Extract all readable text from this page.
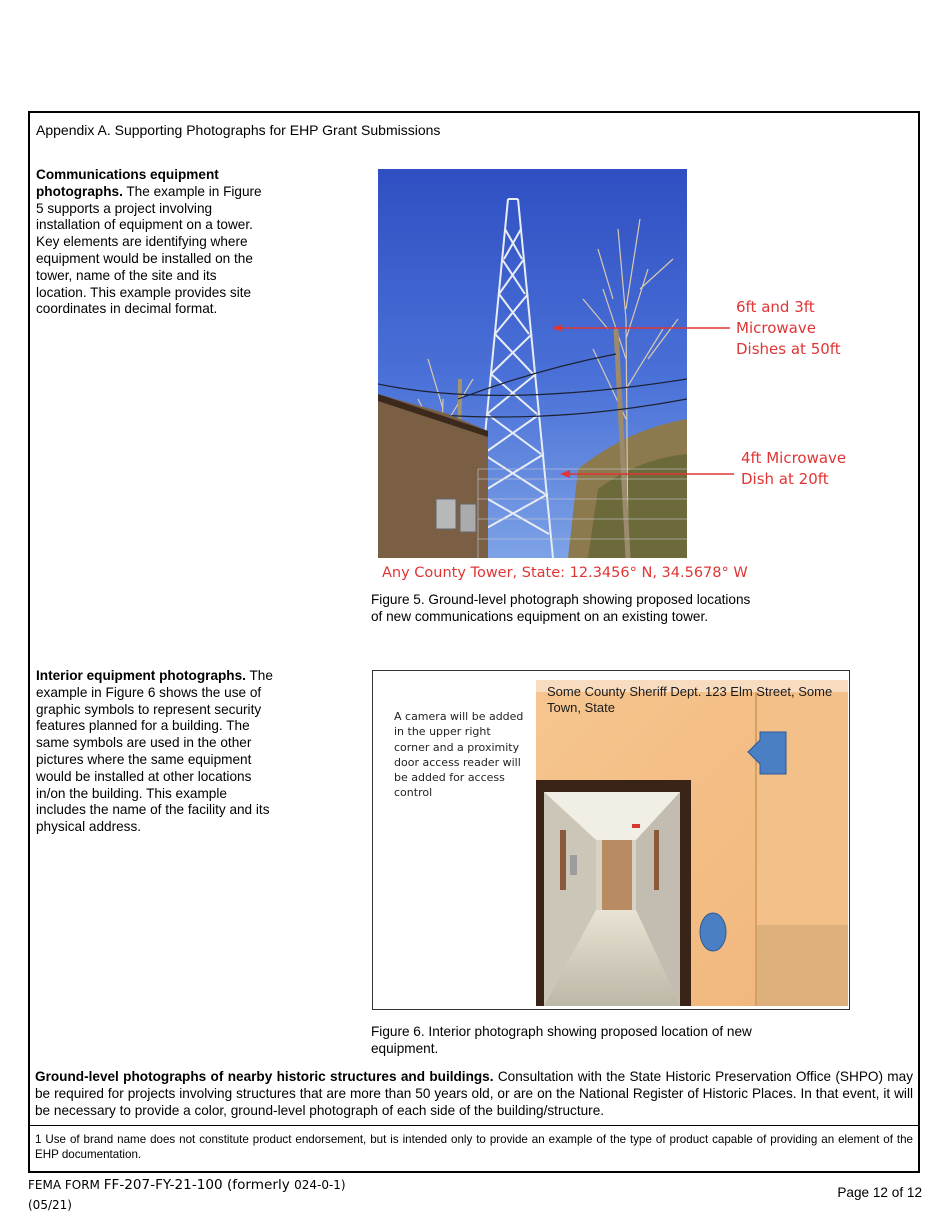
Appendix A. Supporting Photographs for EHP Grant Submissions
Communications equipment photographs. The example in Figure 5 supports a project involving installation of equipment on a tower. Key elements are identifying where equipment would be installed on the tower, name of the site and its location. This example provides site coordinates in decimal format.	6ft and 3ft
Microwave
Dishes at 50ft
4ft Microwave
Dish at 20ft
Any County Tower, State: 12.3456° N, 34.5678° W
Figure 5. Ground-level photograph showing proposed locations of new communications equipment on an existing tower.
Interior equipment photographs. The example in Figure 6 shows the use of graphic symbols to represent security features planned for a building. The same symbols are used in the other pictures where the same equipment would be installed at other locations in/on the building. This example includes the name of the facility and its physical address.
A camera will be added in the upper right corner and a proximity door access reader will be added for access control
Some County Sheriff Dept. 123 Elm Street, Some Town, State
Figure 6. Interior photograph showing proposed location of new equipment.
Ground-level photographs of nearby historic structures and buildings. Consultation with the State Historic Preservation Office (SHPO) may be required for projects involving structures that are more than 50 years old, or are on the National Register of Historic Places. In that event, it will be necessary to provide a color, ground-level photograph of each side of the building/structure.
1 Use of brand name does not constitute product endorsement, but is intended only to provide an example of the type of product capable of providing an element of the EHP documentation.
FEMA FORM FF-207-FY-21-100 (formerly 024-0-1)
(05/21)
Page 12 of 12
